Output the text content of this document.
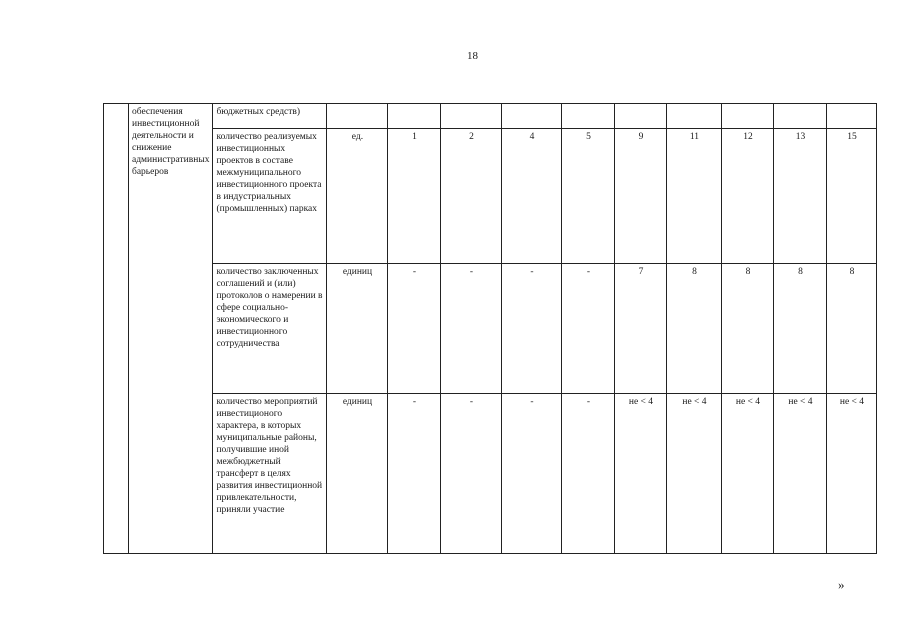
18
	обеспечения инвестиционной деятельности и снижение административных барьеров	бюджетных средств)										
		количество реализуемых инвестиционных проектов в составе межмуниципального инвестиционного проекта в индустриальных (промышленных) парках	ед.	1	2	4	5	9	11	12	13	15
		количество заключенных соглашений и (или) протоколов о намерении в сфере социально-экономического и инвестиционного сотрудничества	единиц	-	-	-	-	7	8	8	8	8
		количество мероприятий инвестиционого характера, в которых муниципальные районы, получившие иной межбюджетный трансферт в целях развития инвестиционной привлекательности, приняли участие	единиц	-	-	-	-	не < 4	не < 4	не < 4	не < 4	не < 4
»
